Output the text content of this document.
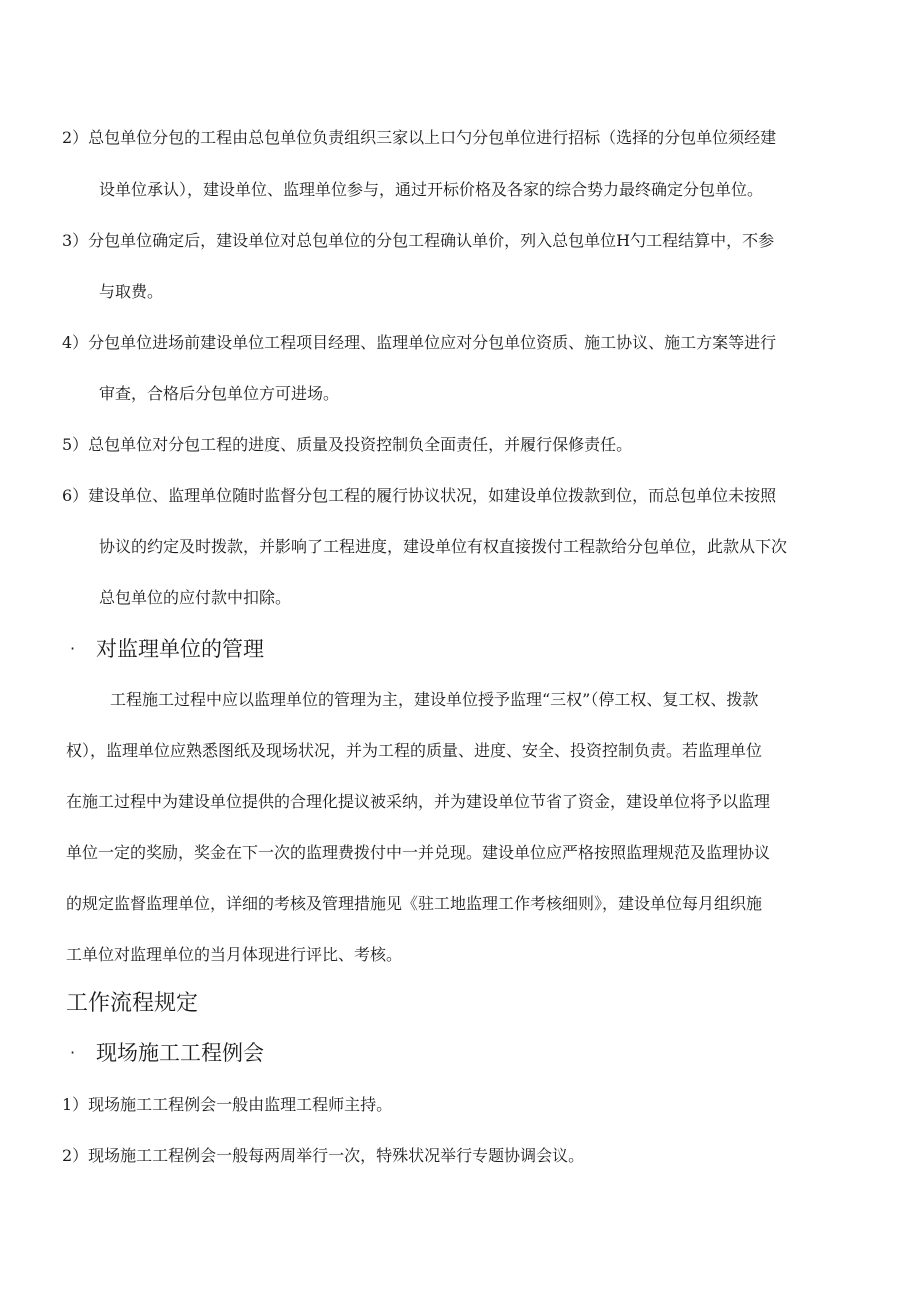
2）总包单位分包的工程由总包单位负责组织三家以上口勺分包单位进行招标（选择的分包单位须经建
设单位承认），建设单位、监理单位参与，通过开标价格及各家的综合势力最终确定分包单位。
3）分包单位确定后，建设单位对总包单位的分包工程确认单价，列入总包单位H勺工程结算中，不参
与取费。
4）分包单位进场前建设单位工程项目经理、监理单位应对分包单位资质、施工协议、施工方案等进行
审查，合格后分包单位方可进场。
5）总包单位对分包工程的进度、质量及投资控制负全面责任，并履行保修责任。
6）建设单位、监理单位随时监督分包工程的履行协议状况，如建设单位拨款到位，而总包单位未按照
协议的约定及时拨款，并影响了工程进度，建设单位有权直接拨付工程款给分包单位，此款从下次
总包单位的应付款中扣除。
· 对监理单位的管理
工程施工过程中应以监理单位的管理为主，建设单位授予监理“三权”（停工权、复工权、拨款
权），监理单位应熟悉图纸及现场状况，并为工程的质量、进度、安全、投资控制负责。若监理单位
在施工过程中为建设单位提供的合理化提议被采纳，并为建设单位节省了资金，建设单位将予以监理
单位一定的奖励，奖金在下一次的监理费拨付中一并兑现。建设单位应严格按照监理规范及监理协议
的规定监督监理单位，详细的考核及管理措施见《驻工地监理工作考核细则》，建设单位每月组织施
工单位对监理单位的当月体现进行评比、考核。
工作流程规定
· 现场施工工程例会
1）现场施工工程例会一般由监理工程师主持。
2）现场施工工程例会一般每两周举行一次，特殊状况举行专题协调会议。
